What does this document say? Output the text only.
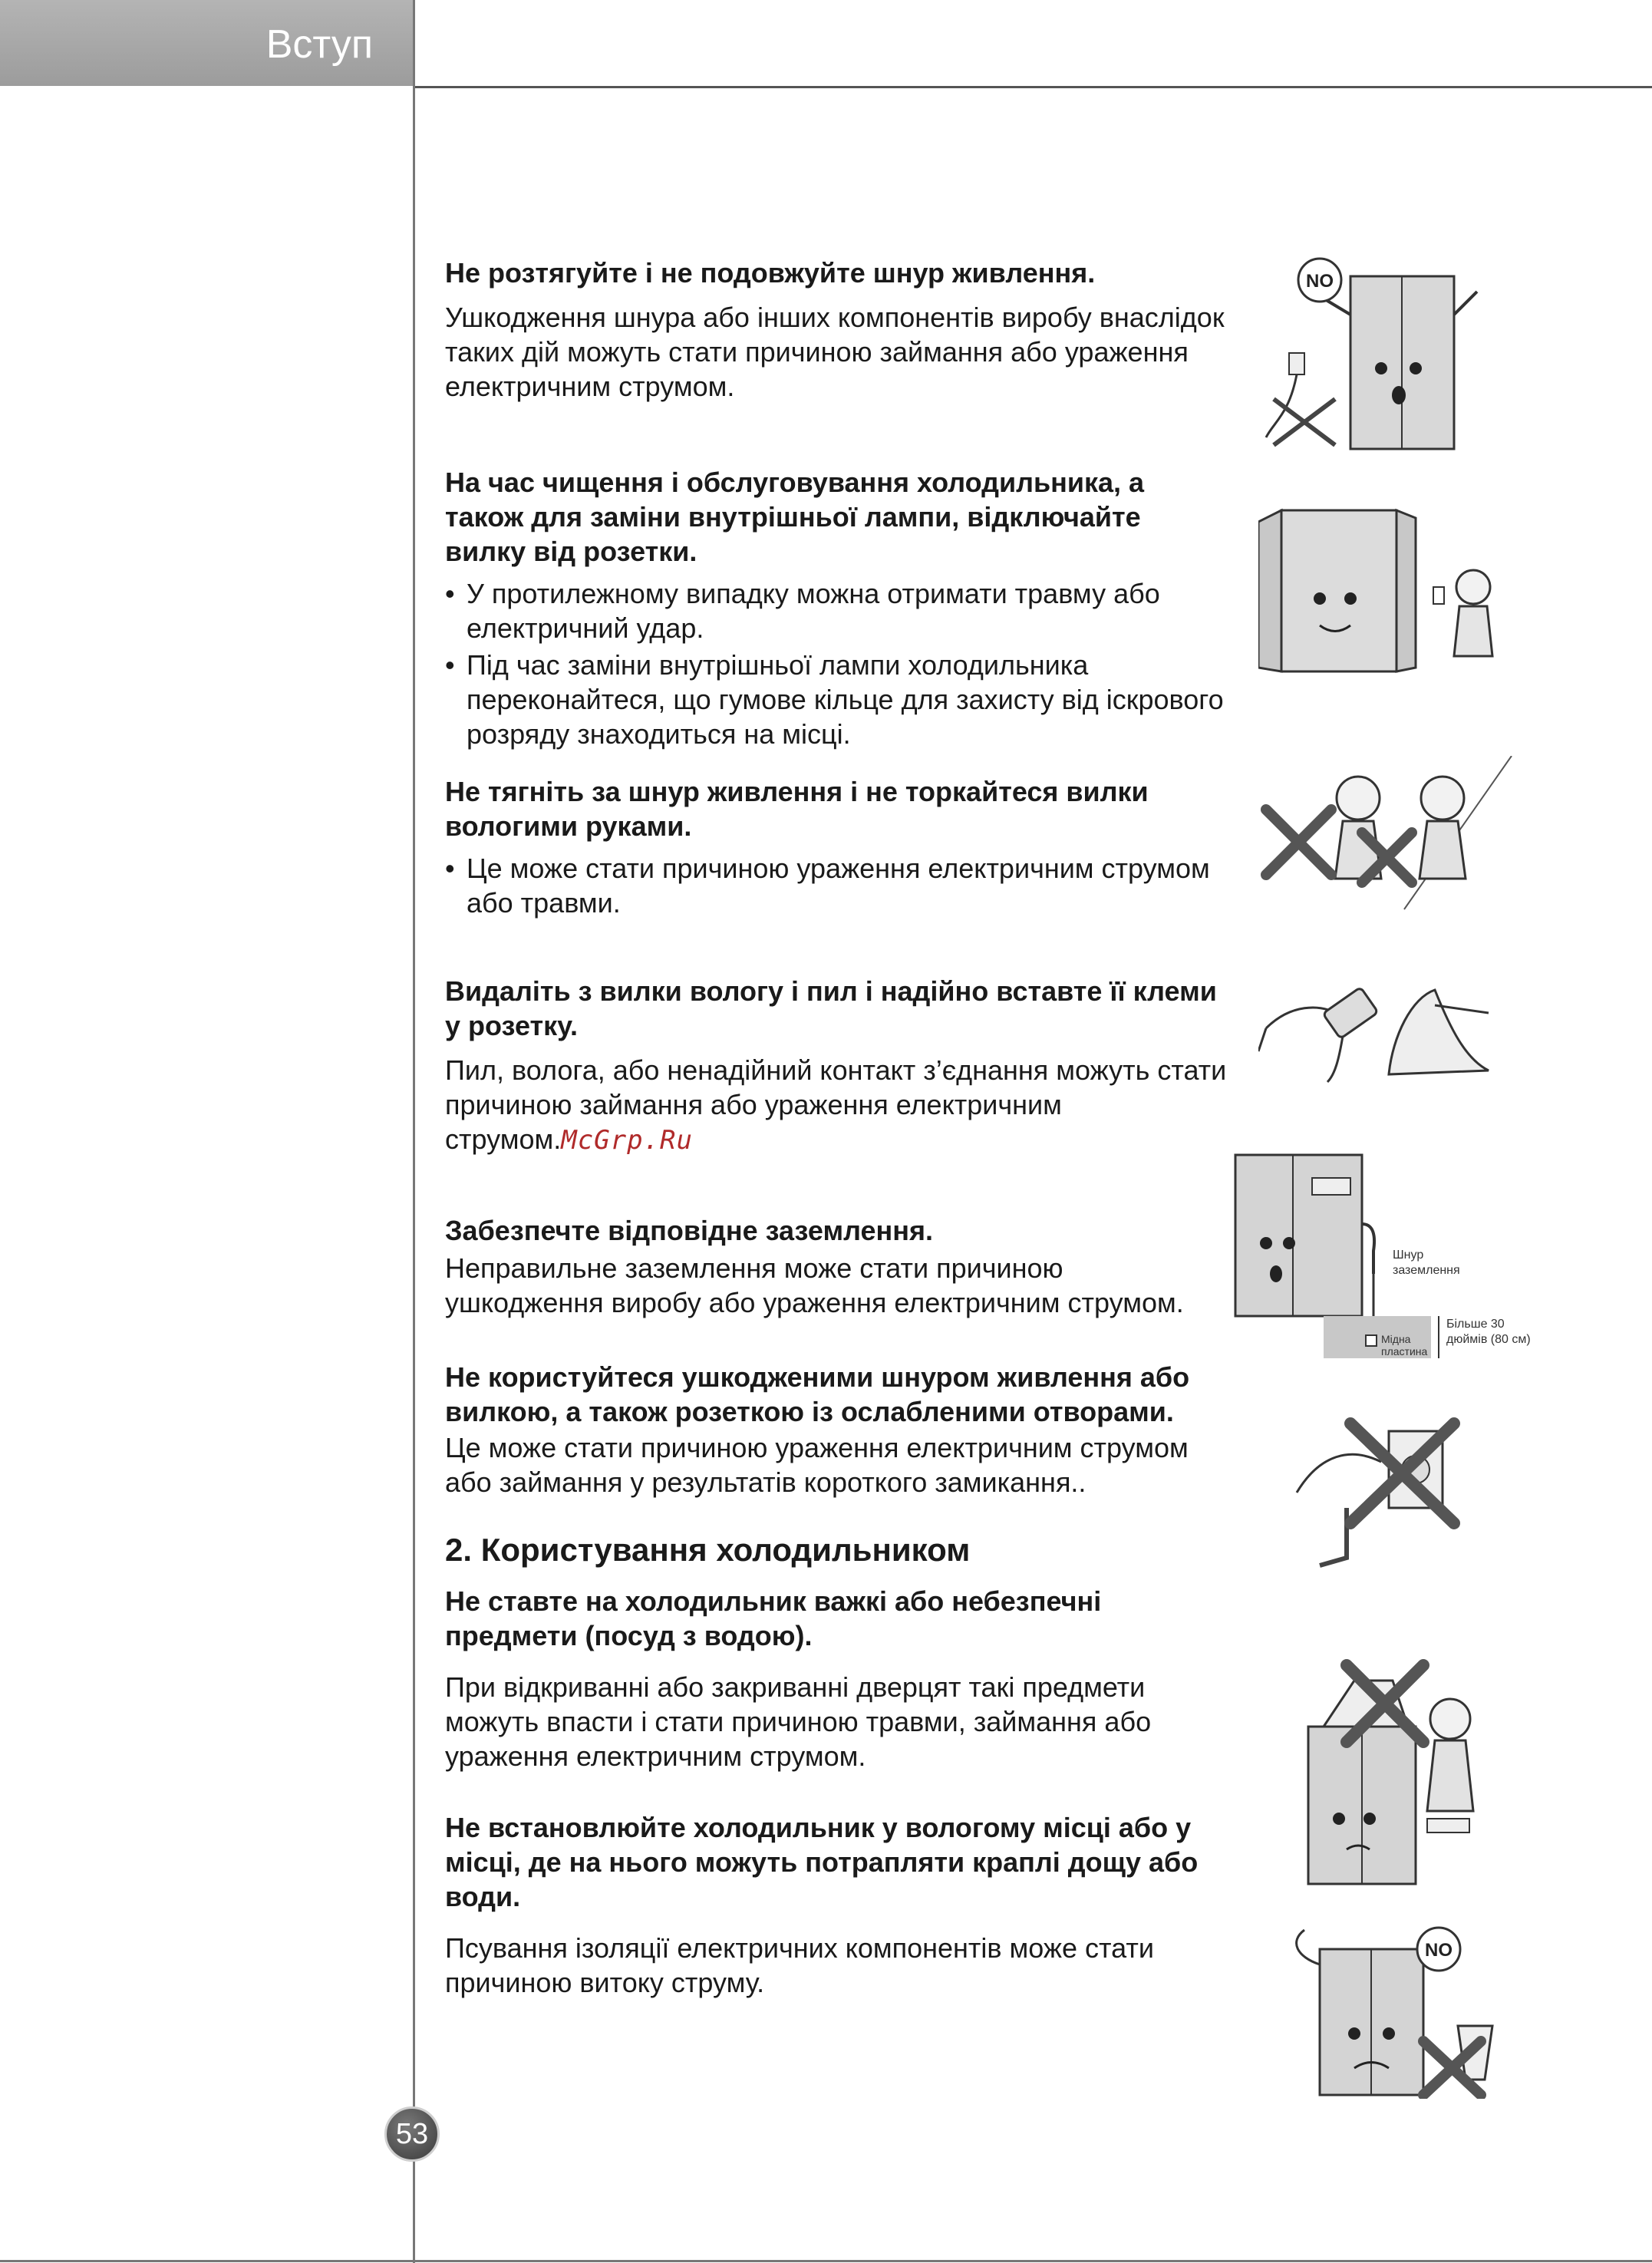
Вступ

Не розтягуйте і не подовжуйте шнур живлення.

Ушкодження шнура або інших компонентів виробу внаслідок таких дій можуть стати причиною займання або ураження електричним струмом.

На час чищення і обслуговування холодильника, а також для заміни внутрішньої лампи, відключайте вилку від розетки.

• У протилежному випадку можна отримати травму або електричний удар.
• Під час заміни внутрішньої лампи холодильника переконайтеся, що гумове кільце для захисту від іскрового розряду знаходиться на місці.

Не тягніть за шнур живлення і не торкайтеся вилки вологими руками.

• Це може стати причиною ураження електричним струмом або травми.

Видаліть з вилки вологу і пил і надійно вставте її клеми у розетку.

Пил, волога, або ненадійний контакт з’єднання можуть стати причиною займання або ураження електричним струмом.McGrp.Ru

Забезпечте відповідне заземлення.

Неправильне заземлення може стати причиною ушкодження виробу або ураження електричним струмом.

Не користуйтеся ушкодженими шнуром живлення або вилкою, а також розеткою із ослабленими отворами.

Це може стати причиною ураження електричним струмом або займання у результатів короткого замикання..

2. Користування холодильником

Не ставте на холодильник важкі або небезпечні предмети (посуд з водою).

При відкриванні або закриванні дверцят такі предмети можуть впасти і стати причиною травми, займання або ураження електричним струмом.

Не встановлюйте холодильник у вологому місці або у місці, де на нього можуть потрапляти краплі дощу або води.

Псування ізоляції електричних компонентів може стати причиною витоку струму.

NO
Шнур
заземлення
Мідна
пластина
Більше 30
дюймів (80 см)
NO
53
